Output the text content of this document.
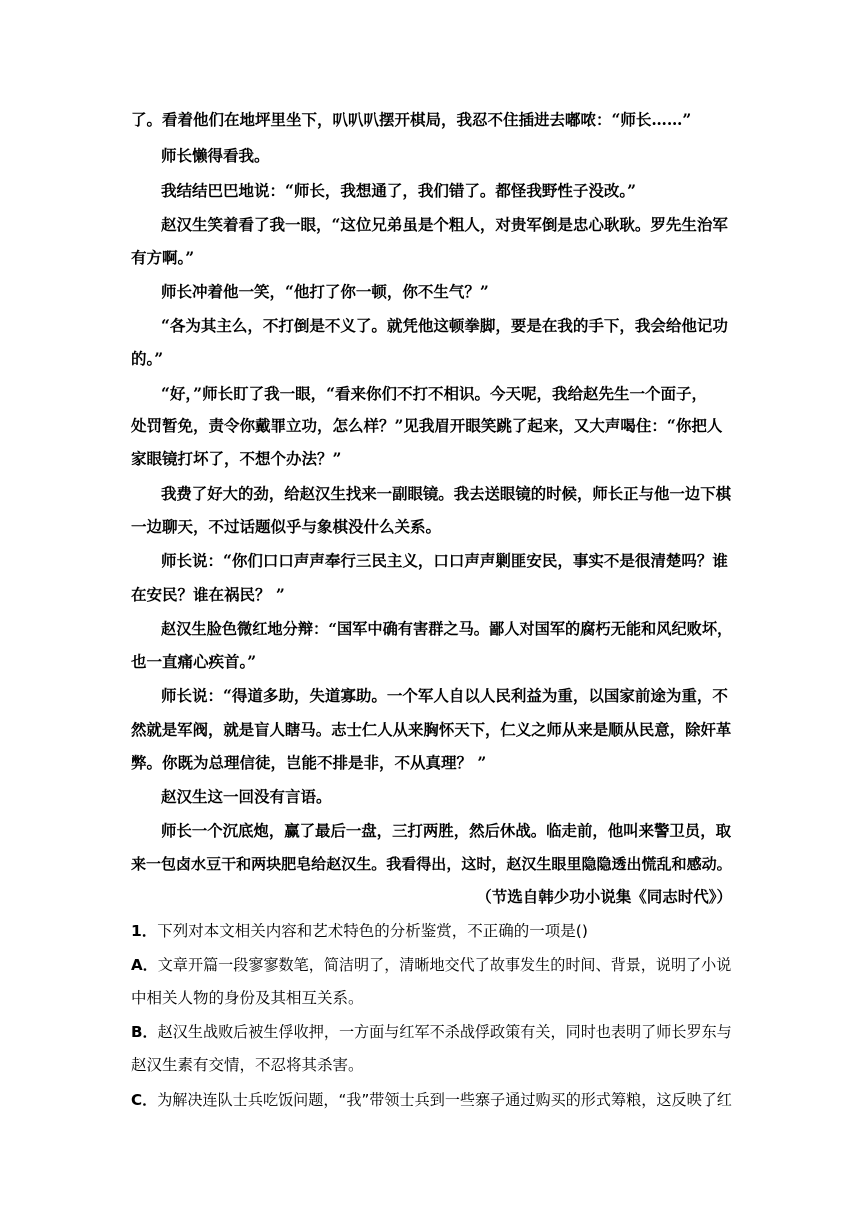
了。看着他们在地坪里坐下，叭叭叭摆开棋局，我忍不住插进去嘟哝：“师长……”
师长懒得看我。
我结结巴巴地说：“师长，我想通了，我们错了。都怪我野性子没改。”
赵汉生笑着看了我一眼，“这位兄弟虽是个粗人，对贵军倒是忠心耿耿。罗先生治军
有方啊。”
师长冲着他一笑，“他打了你一顿，你不生气？”
“各为其主么，不打倒是不义了。就凭他这顿拳脚，要是在我的手下，我会给他记功
的。”
“好，”师长盯了我一眼，“看来你们不打不相识。今天呢，我给赵先生一个面子，
处罚暂免，责令你戴罪立功，怎么样？”见我眉开眼笑跳了起来，又大声喝住：“你把人
家眼镜打坏了，不想个办法？”
我费了好大的劲，给赵汉生找来一副眼镜。我去送眼镜的时候，师长正与他一边下棋
一边聊天，不过话题似乎与象棋没什么关系。
师长说：“你们口口声声奉行三民主义，口口声声剿匪安民，事实不是很清楚吗？谁
在安民？谁在祸民？ ”
赵汉生脸色微红地分辩：“国军中确有害群之马。鄙人对国军的腐朽无能和风纪败坏，
也一直痛心疾首。”
师长说：“得道多助，失道寡助。一个军人自以人民利益为重，以国家前途为重，不
然就是军阀，就是盲人瞎马。志士仁人从来胸怀天下，仁义之师从来是顺从民意，除奸革
弊。你既为总理信徒，岂能不排是非，不从真理？ ”
赵汉生这一回没有言语。
师长一个沉底炮，赢了最后一盘，三打两胜，然后休战。临走前，他叫来警卫员，取
来一包卤水豆干和两块肥皂给赵汉生。我看得出，这时，赵汉生眼里隐隐透出慌乱和感动。
（节选自韩少功小说集《同志时代》）
1．下列对本文相关内容和艺术特色的分析鉴赏，不正确的一项是()
A．文章开篇一段寥寥数笔，简洁明了，清晰地交代了故事发生的时间、背景，说明了小说
中相关人物的身份及其相互关系。
B．赵汉生战败后被生俘收押，一方面与红军不杀战俘政策有关，同时也表明了师长罗东与
赵汉生素有交情，不忍将其杀害。
C．为解决连队士兵吃饭问题，“我”带领士兵到一些寨子通过购买的形式筹粮，这反映了红
